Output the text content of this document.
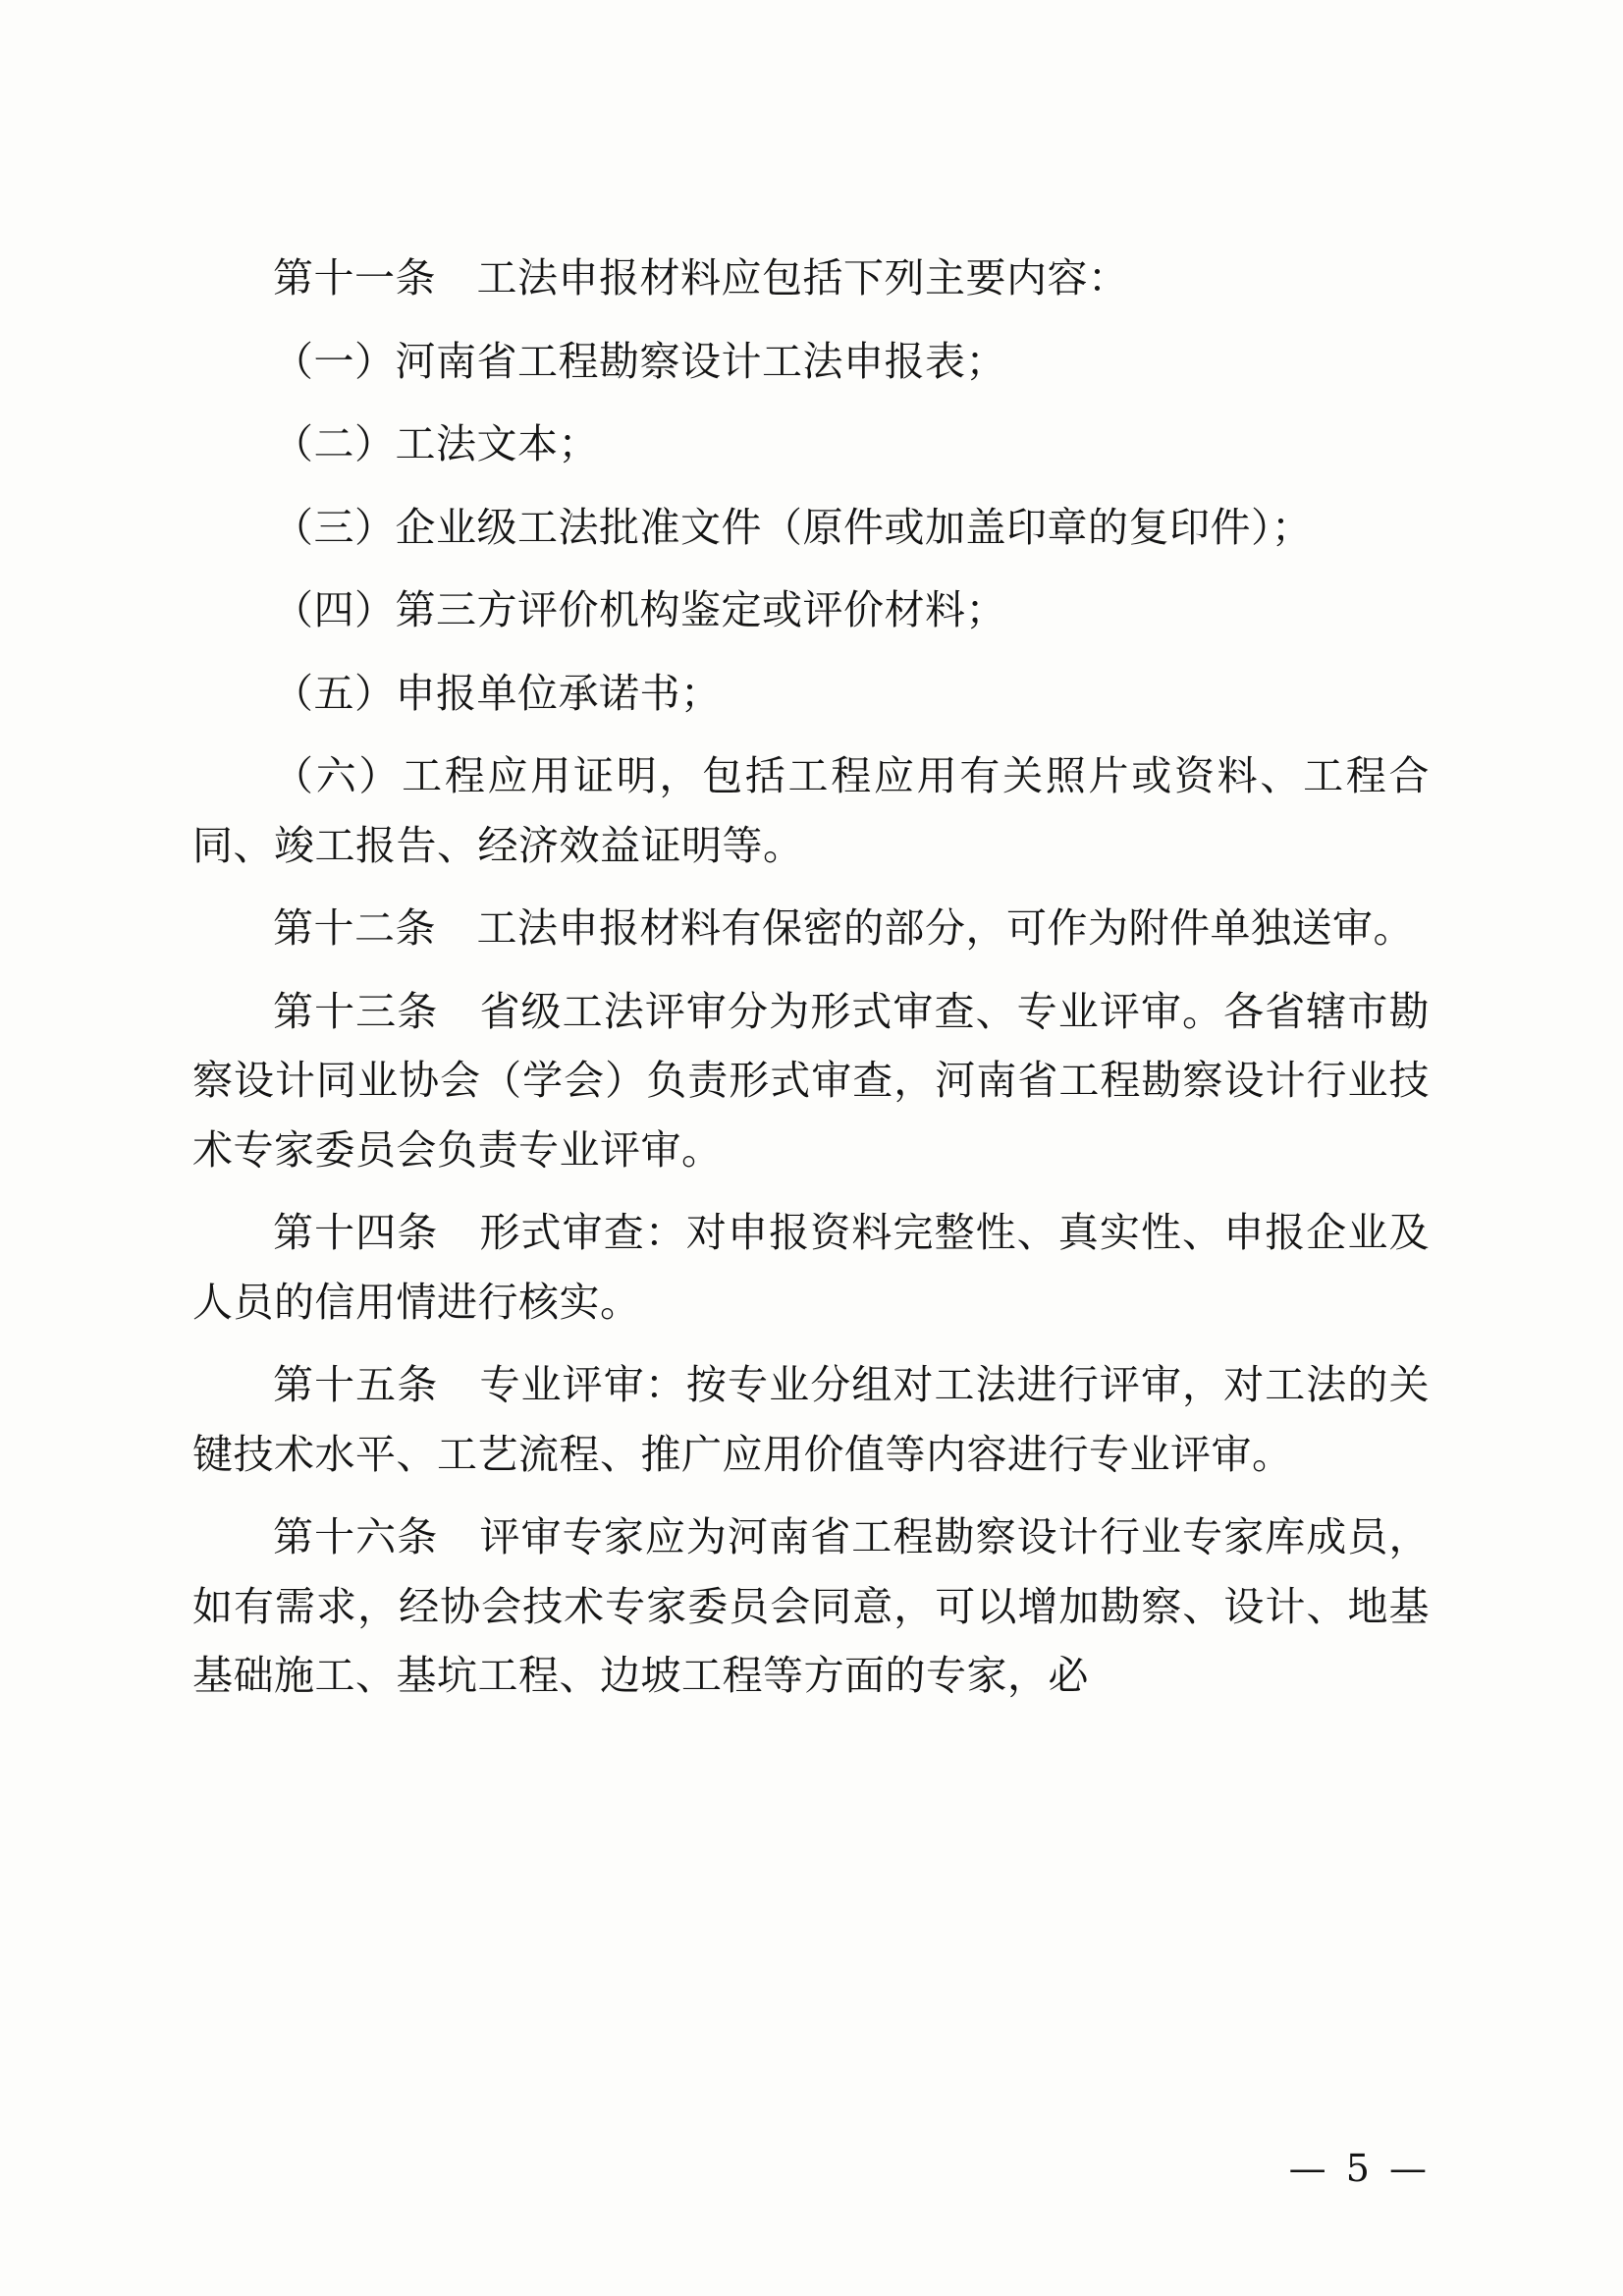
第十一条　工法申报材料应包括下列主要内容：

（一）河南省工程勘察设计工法申报表；

（二）工法文本；

（三）企业级工法批准文件（原件或加盖印章的复印件）；

（四）第三方评价机构鉴定或评价材料；

（五）申报单位承诺书；

（六）工程应用证明，包括工程应用有关照片或资料、工程合同、竣工报告、经济效益证明等。

第十二条　工法申报材料有保密的部分，可作为附件单独送审。

第十三条　省级工法评审分为形式审查、专业评审。各省辖市勘察设计同业协会（学会）负责形式审查，河南省工程勘察设计行业技术专家委员会负责专业评审。

第十四条　形式审查：对申报资料完整性、真实性、申报企业及人员的信用情进行核实。

第十五条　专业评审：按专业分组对工法进行评审，对工法的关键技术水平、工艺流程、推广应用价值等内容进行专业评审。

第十六条　评审专家应为河南省工程勘察设计行业专家库成员，如有需求，经协会技术专家委员会同意，可以增加勘察、设计、地基基础施工、基坑工程、边坡工程等方面的专家，必

— 5 —
